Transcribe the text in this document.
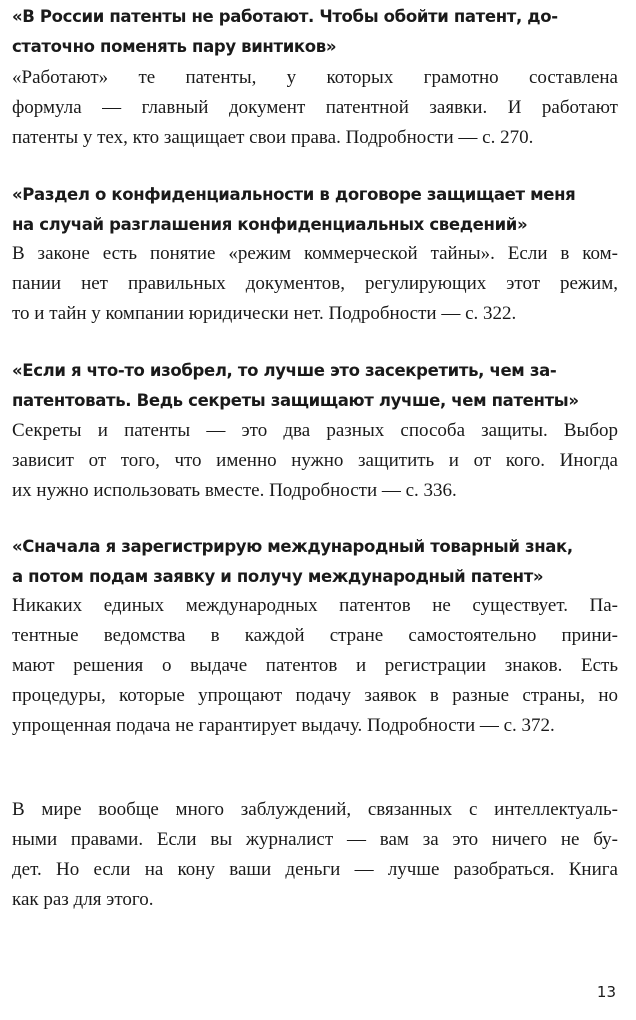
«В России патенты не работают. Чтобы обойти патент, до-
статочно поменять пару винтиков»
«Работают» те патенты, у которых грамотно составлена
формула — главный документ патентной заявки. И работают
патенты у тех, кто защищает свои права. Подробности — с. 270.
«Раздел о конфиденциальности в договоре защищает меня
на случай разглашения конфиденциальных сведений»
В законе есть понятие «режим коммерческой тайны». Если в ком-
пании нет правильных документов, регулирующих этот режим,
то и тайн у компании юридически нет. Подробности — с. 322.
«Если я что-то изобрел, то лучше это засекретить, чем за-
патентовать. Ведь секреты защищают лучше, чем патенты»
Секреты и патенты — это два разных способа защиты. Выбор
зависит от того, что именно нужно защитить и от кого. Иногда
их нужно использовать вместе. Подробности — с. 336.
«Сначала я зарегистрирую международный товарный знак,
а потом подам заявку и получу международный патент»
Никаких единых международных патентов не существует. Па-
тентные ведомства в каждой стране самостоятельно прини-
мают решения о выдаче патентов и регистрации знаков. Есть
процедуры, которые упрощают подачу заявок в разные страны, но
упрощенная подача не гарантирует выдачу. Подробности — с. 372.
В мире вообще много заблуждений, связанных с интеллектуаль-
ными правами. Если вы журналист — вам за это ничего не бу-
дет. Но если на кону ваши деньги — лучше разобраться. Книга
как раз для этого.
13
